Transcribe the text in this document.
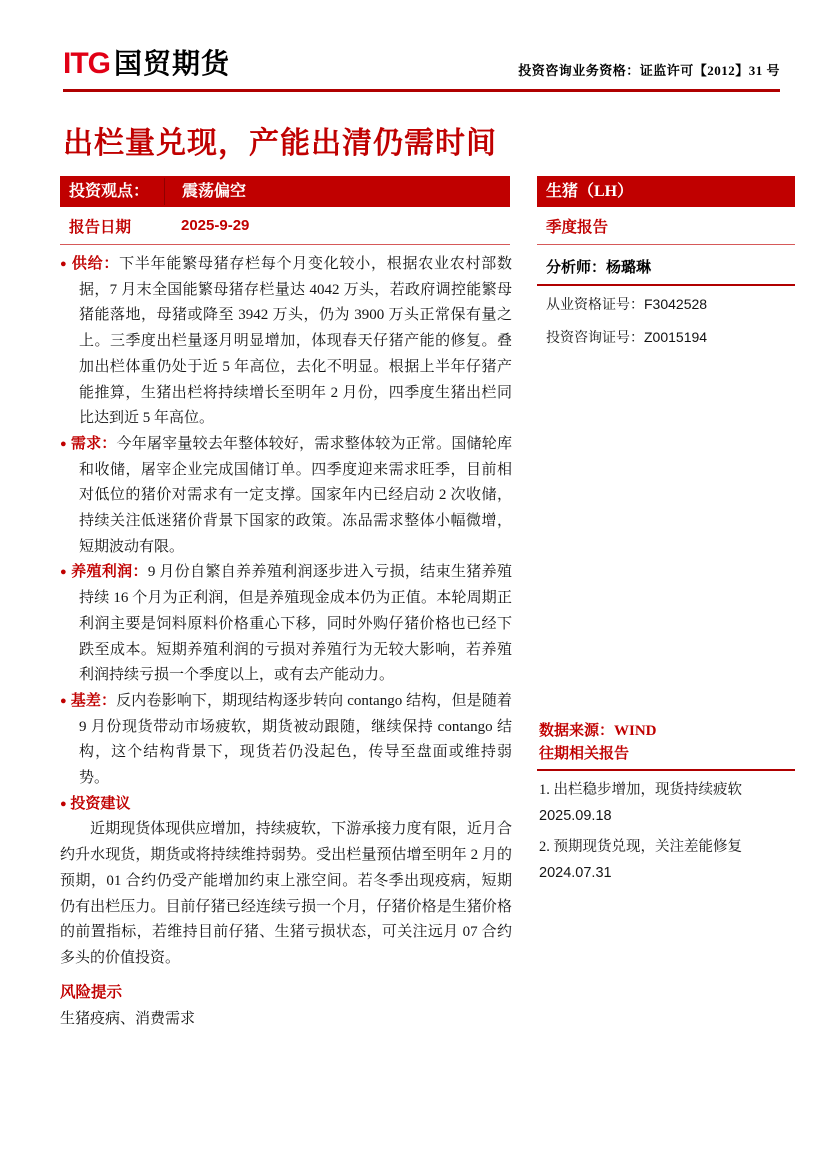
ITG 国贸期货	投资咨询业务资格：证监许可【2012】31 号
出栏量兑现，产能出清仍需时间
投资观点：	震荡偏空
报告日期	2025-9-29
生猪（LH）
季度报告
分析师：杨璐琳
从业资格证号：F3042528
投资咨询证号：Z0015194
● 供给：下半年能繁母猪存栏每个月变化较小，根据农业农村部数据，7 月末全国能繁母猪存栏量达 4042 万头，若政府调控能繁母猪能落地，母猪或降至 3942 万头，仍为 3900 万头正常保有量之上。三季度出栏量逐月明显增加，体现春天仔猪产能的修复。叠加出栏体重仍处于近 5 年高位，去化不明显。根据上半年仔猪产能推算，生猪出栏将持续增长至明年 2 月份，四季度生猪出栏同比达到近 5 年高位。
● 需求：今年屠宰量较去年整体较好，需求整体较为正常。国储轮库和收储，屠宰企业完成国储订单。四季度迎来需求旺季，目前相对低位的猪价对需求有一定支撑。国家年内已经启动 2 次收储，持续关注低迷猪价背景下国家的政策。冻品需求整体小幅微增，短期波动有限。
● 养殖利润：9 月份自繁自养养殖利润逐步进入亏损，结束生猪养殖持续 16 个月为正利润，但是养殖现金成本仍为正值。本轮周期正利润主要是饲料原料价格重心下移，同时外购仔猪价格也已经下跌至成本。短期养殖利润的亏损对养殖行为无较大影响，若养殖利润持续亏损一个季度以上，或有去产能动力。
● 基差：反内卷影响下，期现结构逐步转向 contango 结构，但是随着 9 月份现货带动市场疲软，期货被动跟随，继续保持 contango 结构，这个结构背景下，现货若仍没起色，传导至盘面或维持弱势。
● 投资建议
近期现货体现供应增加，持续疲软，下游承接力度有限，近月合约升水现货，期货或将持续维持弱势。受出栏量预估增至明年 2 月的预期，01 合约仍受产能增加约束上涨空间。若冬季出现疫病，短期仍有出栏压力。目前仔猪已经连续亏损一个月，仔猪价格是生猪价格的前置指标，若维持目前仔猪、生猪亏损状态，可关注远月 07 合约多头的价值投资。
风险提示
生猪疫病、消费需求
数据来源：WIND
往期相关报告
1. 出栏稳步增加，现货持续疲软
2025.09.18
2. 预期现货兑现，关注差能修复
2024.07.31
